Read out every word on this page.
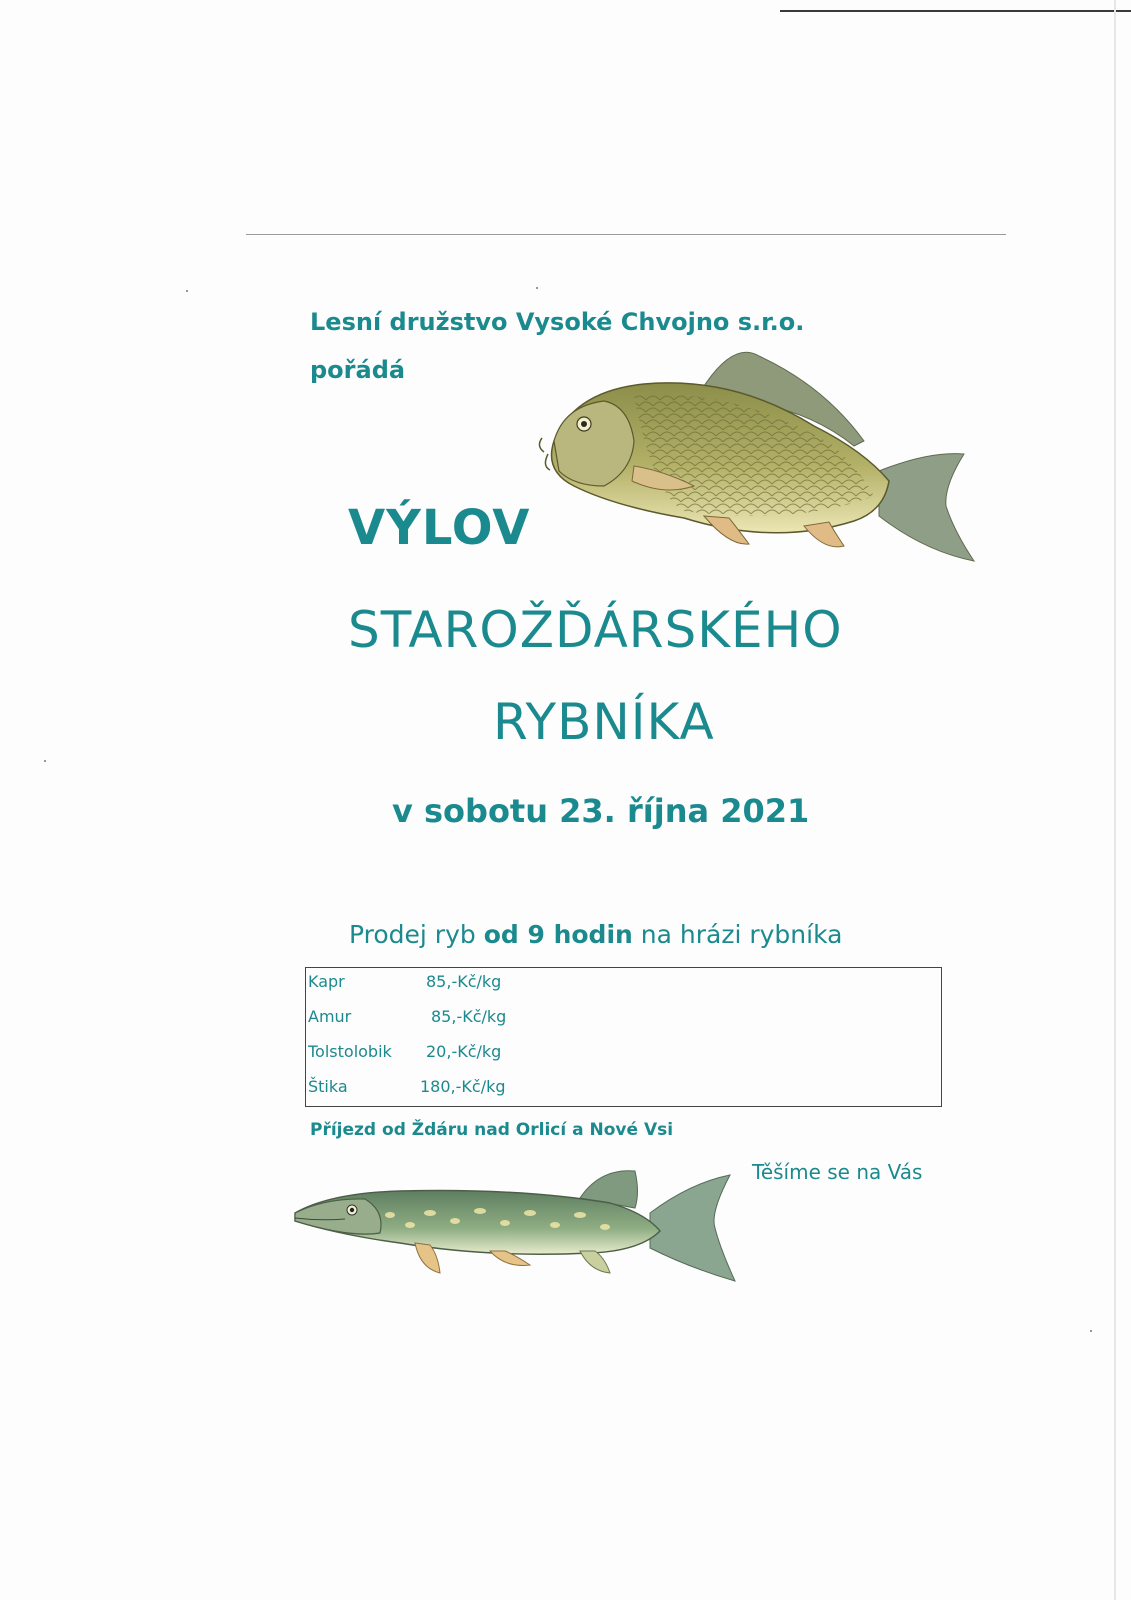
Lesní družstvo Vysoké Chvojno s.r.o.
pořádá
VÝLOV
STAROŽĎÁRSKÉHO
RYBNÍKA
v sobotu 23. října 2021
Prodej ryb od 9 hodin na hrázi rybníka
Kapr	85,-Kč/kg
Amur	85,-Kč/kg
Tolstolobik 20,-Kč/kg
Štika	180,-Kč/kg
Příjezd od Ždáru nad Orlicí a Nové Vsi
Těšíme se na Vás
